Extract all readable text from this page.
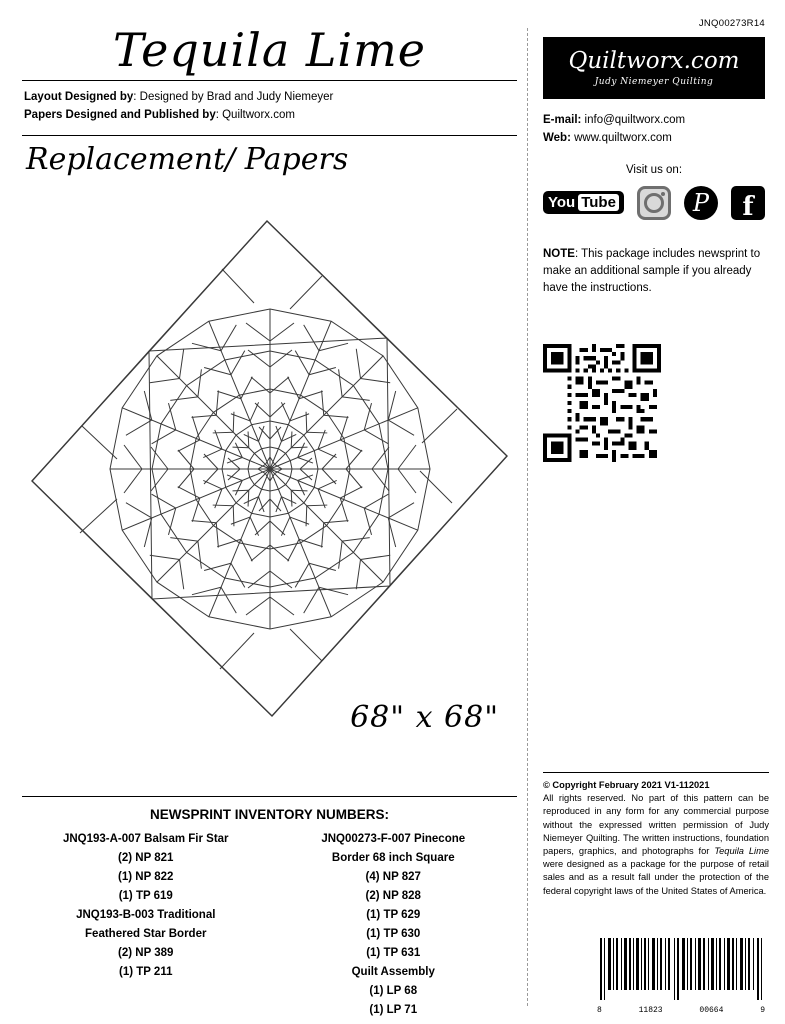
Tequila Lime
Layout Designed by: Designed by Brad and Judy Niemeyer
Papers Designed and Published by: Quiltworx.com
Replacement/ Papers
68" x 68"
NEWSPRINT INVENTORY NUMBERS:
JNQ193-A-007 Balsam Fir Star
(2) NP 821
(1) NP 822
(1) TP 619
JNQ193-B-003 Traditional
Feathered Star Border
(2) NP 389
(1) TP 211
JNQ00273-F-007 Pinecone
Border 68 inch Square
(4) NP 827
(2) NP 828
(1) TP 629
(1) TP 630
(1) TP 631
Quilt Assembly
(1) LP 68
(1) LP 71
JNQ00273R14
Quiltworx.com
Judy Niemeyer Quilting
E-mail: info@quiltworx.com
Web: www.quiltworx.com
Visit us on:
You Tube	P f
NOTE: This package includes newsprint to make an additional sample if you already have the instructions.
© Copyright February 2021 V1-112021
All rights reserved. No part of this pattern can be reproduced in any form for any commercial purpose without the expressed written permission of Judy Niemeyer Quilting. The written instructions, foundation papers, graphics, and photographs for Tequila Lime were designed as a package for the purpose of retail sales and as a result fall under the protection of the federal copyright laws of the United States of America.
8	11823	00664	9
